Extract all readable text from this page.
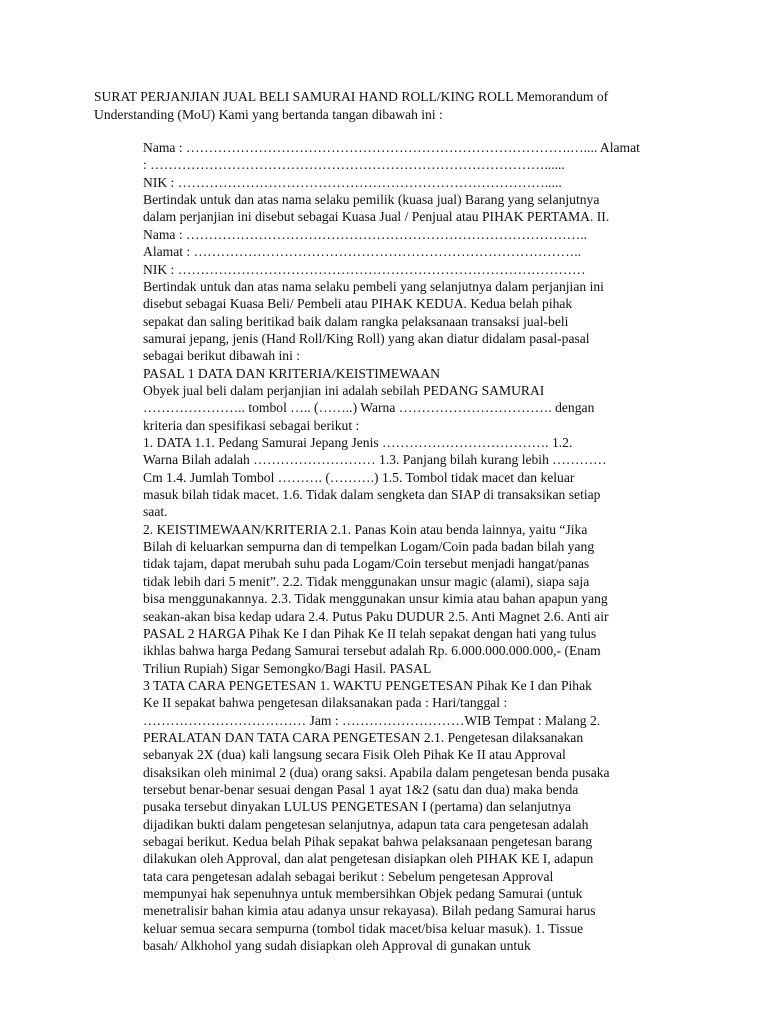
SURAT PERJANJIAN JUAL BELI SAMURAI HAND ROLL/KING ROLL Memorandum of Understanding (MoU) Kami yang bertanda tangan dibawah ini :

Nama : ………………………………………………………………………….….... Alamat

: ……………………………………………………………………………......

NIK : ……………………………………………………………………….....

Bertindak untuk dan atas nama selaku pemilik (kuasa jual) Barang yang selanjutnya

dalam perjanjian ini disebut sebagai Kuasa Jual / Penjual atau PIHAK PERTAMA. II.

Nama : ……………………………………………………………………………..

Alamat : …………………………………………………………………………..

NIK : ………………………………………………………………………………

Bertindak untuk dan atas nama selaku pembeli yang selanjutnya dalam perjanjian ini

disebut sebagai Kuasa Beli/ Pembeli atau PIHAK KEDUA. Kedua belah pihak

sepakat dan saling beritikad baik dalam rangka pelaksanaan transaksi jual-beli

samurai jepang, jenis (Hand Roll/King Roll) yang akan diatur didalam pasal-pasal

sebagai berikut dibawah ini :

PASAL 1 DATA DAN KRITERIA/KEISTIMEWAAN

Obyek jual beli dalam perjanjian ini adalah sebilah PEDANG SAMURAI

………………….. tombol ….. (……..) Warna ……………………………. dengan

kriteria dan spesifikasi sebagai berikut :

1. DATA 1.1. Pedang Samurai Jepang Jenis ………………………………. 1.2.

Warna Bilah adalah ……………………… 1.3. Panjang bilah kurang lebih …………

Cm 1.4. Jumlah Tombol ………. (……….) 1.5. Tombol tidak macet dan keluar

masuk bilah tidak macet. 1.6. Tidak dalam sengketa dan SIAP di transaksikan setiap

saat.

2. KEISTIMEWAAN/KRITERIA 2.1. Panas Koin atau benda lainnya, yaitu “Jika

Bilah di keluarkan sempurna dan di tempelkan Logam/Coin pada badan bilah yang

tidak tajam, dapat merubah suhu pada Logam/Coin tersebut menjadi hangat/panas

tidak lebih dari 5 menit”. 2.2. Tidak menggunakan unsur magic (alami), siapa saja

bisa menggunakannya. 2.3. Tidak menggunakan unsur kimia atau bahan apapun yang

seakan-akan bisa kedap udara 2.4. Putus Paku DUDUR 2.5. Anti Magnet 2.6. Anti air

PASAL 2 HARGA Pihak Ke I dan Pihak Ke II telah sepakat dengan hati yang tulus

ikhlas bahwa harga Pedang Samurai tersebut adalah Rp. 6.000.000.000.000,- (Enam

Triliun Rupiah) Sigar Semongko/Bagi Hasil. PASAL

3 TATA CARA PENGETESAN 1. WAKTU PENGETESAN Pihak Ke I dan Pihak

Ke II sepakat bahwa pengetesan dilaksanakan pada : Hari/tanggal :

……………………………… Jam : ………………………WIB Tempat : Malang 2.

PERALATAN DAN TATA CARA PENGETESAN 2.1. Pengetesan dilaksanakan

sebanyak 2X (dua) kali langsung secara Fisik Oleh Pihak Ke II atau Approval

disaksikan oleh minimal 2 (dua) orang saksi. Apabila dalam pengetesan benda pusaka

tersebut benar-benar sesuai dengan Pasal 1 ayat 1&2 (satu dan dua) maka benda

pusaka tersebut dinyakan LULUS PENGETESAN I (pertama) dan selanjutnya

dijadikan bukti dalam pengetesan selanjutnya, adapun tata cara pengetesan adalah

sebagai berikut. Kedua belah Pihak sepakat bahwa pelaksanaan pengetesan barang

dilakukan oleh Approval, dan alat pengetesan disiapkan oleh PIHAK KE I, adapun

tata cara pengetesan adalah sebagai berikut : Sebelum pengetesan Approval

mempunyai hak sepenuhnya untuk membersihkan Objek pedang Samurai (untuk

menetralisir bahan kimia atau adanya unsur rekayasa). Bilah pedang Samurai harus

keluar semua secara sempurna (tombol tidak macet/bisa keluar masuk). 1. Tissue

basah/ Alkhohol yang sudah disiapkan oleh Approval di gunakan untuk
